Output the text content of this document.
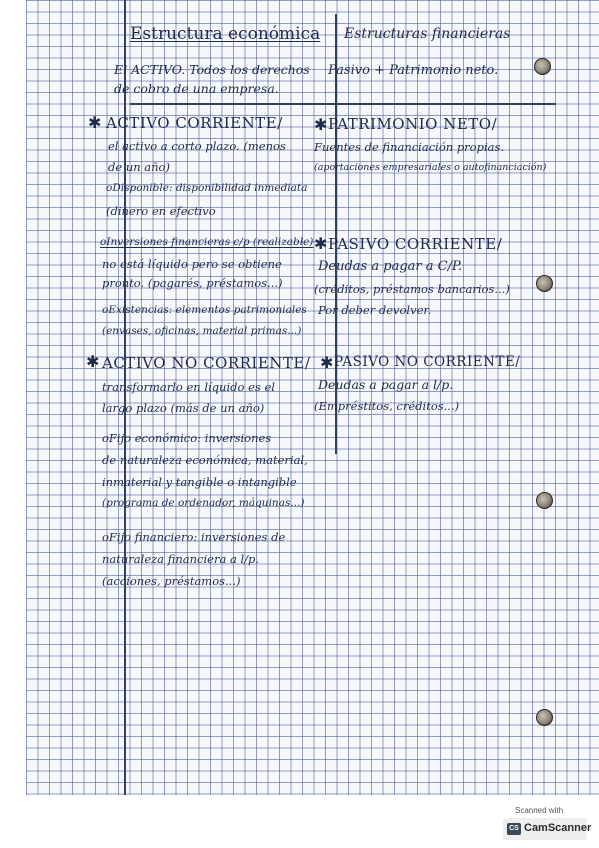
Estructura económica
El ACTIVO. Todos los derechos
de cobro de una empresa.
✱ ACTIVO CORRIENTE/
el activo a corto plazo. (menos
de un año)
oDisponible: disponibilidad inmediata
(dinero en efectivo
oInversiones financieras c/p (realizable)
no está líquido pero se obtiene
pronto. (pagarés, préstamos...)
oExistencias: elementos patrimoniales
(envases, oficinas, material primas...)
✱ ACTIVO NO CORRIENTE/
transformarlo en líquido es el
largo plazo (más de un año)
oFijo económico: inversiones
de naturaleza económica, material,
inmaterial y tangible o intangible
(programa de ordenador, máquinas...)
oFijo financiero: inversiones de
naturaleza financiera a l/p.
(acciones, préstamos...)
Estructuras financieras
Pasivo + Patrimonio neto.
✱ PATRIMONIO NETO/
Fuentes de financiación propias.
(aportaciones empresariales o autofinanciación)
✱ PASIVO CORRIENTE/
Deudas a pagar a C/P.
(créditos, préstamos bancarios...)
Por deber devolver.
✱ PASIVO NO CORRIENTE/
Deudas a pagar a l/p.
(Empréstitos, créditos...)
Scanned with
CS CamScanner
